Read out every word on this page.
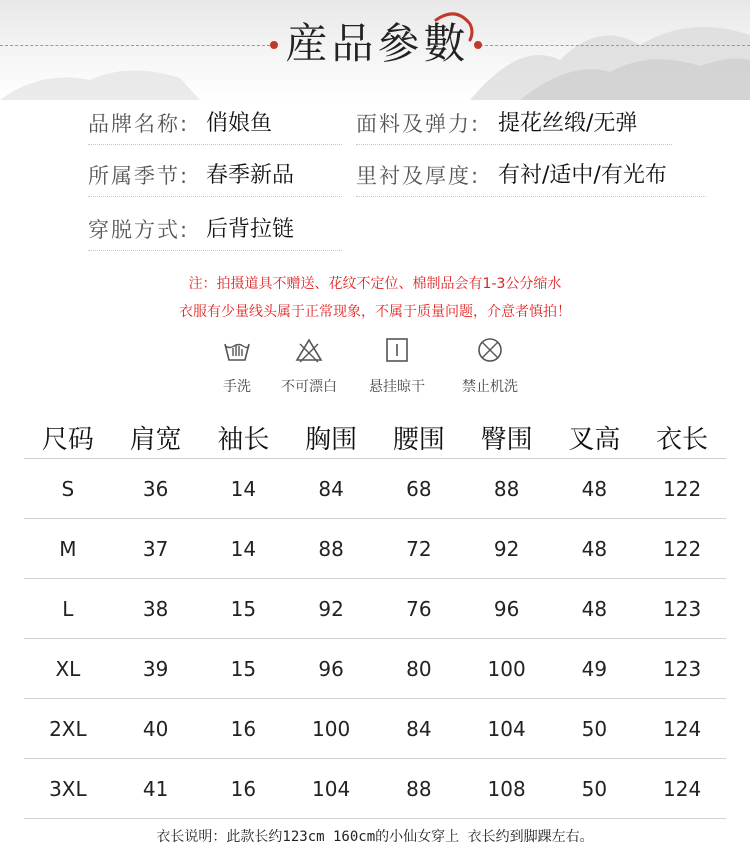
産品參數
品牌名称: 俏娘鱼	面料及弹力: 提花丝缎/无弹
所属季节: 春季新品	里衬及厚度: 有衬/适中/有光布
穿脱方式: 后背拉链
注：拍摄道具不赠送、花纹不定位、棉制品会有1-3公分缩水
衣服有少量线头属于正常现象，不属于质量问题，介意者慎拍！
手洗	不可漂白	悬挂晾干	禁止机洗
尺码	肩宽	袖长	胸围	腰围	臀围	叉高	衣长
S	36	14	84	68	88	48	122
M	37	14	88	72	92	48	122
L	38	15	92	76	96	48	123
XL	39	15	96	80	100	49	123
2XL	40	16	100	84	104	50	124
3XL	41	16	104	88	108	50	124
衣长说明：此款长约123cm 160cm的小仙女穿上 衣长约到脚踝左右。
